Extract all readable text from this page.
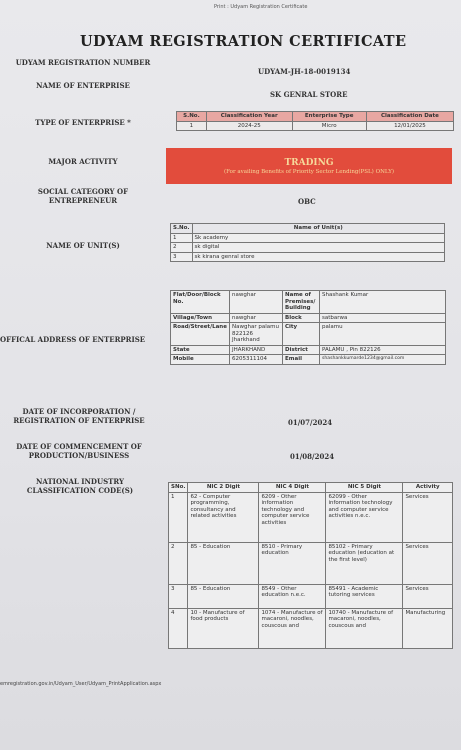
Print : Udyam Registration Certificate
UDYAM REGISTRATION CERTIFICATE
UDYAM REGISTRATION NUMBER
UDYAM-JH-18-0019134
NAME OF ENTERPRISE
SK GENRAL STORE
TYPE OF ENTERPRISE *
S.No.	Classification Year	Enterprise Type	Classification Date
1	2024-25	Micro	12/01/2025
MAJOR ACTIVITY	TRADING
(For availing Benefits of Priority Sector Lending(PSL) ONLY)
SOCIAL CATEGORY OF ENTREPRENEUR	OBC
NAME OF UNIT(S)
S.No.	Name of Unit(s)
1	Sk academy
2	sk digital
3	sk kirana genral store
OFFICAL ADDRESS OF ENTERPRISE
Flat/Door/Block No.	nawghar	Name of Premises/ Building	Shashank Kumar
Village/Town	nawghar	Block	satbarwa
Road/Street/Lane	Nawghar palamu 822126 Jharkhand	City	palamu
State	JHARKHAND	District	PALAMU , Pin 822126
Mobile	6205311104	Email	shashankkumarde1234@gmail.com
DATE OF INCORPORATION / REGISTRATION OF ENTERPRISE	01/07/2024
DATE OF COMMENCEMENT OF PRODUCTION/BUSINESS	01/08/2024
NATIONAL INDUSTRY CLASSIFICATION CODE(S)	SNo.	NIC 2 Digit	NIC 4 Digit	NIC 5 Digit	Activity
1	62 - Computer programming, consultancy and related activities	6209 - Other information technology and computer service activities	62099 - Other information technology and computer service activities n.e.c.	Services
2	85 - Education	8510 - Primary education	85102 - Primary education (education at the first level)	Services
3	85 - Education	8549 - Other education n.e.c.	85491 - Academic tutoring services	Services
4	10 - Manufacture of food products	1074 - Manufacture of macaroni, noodles, couscous and	10740 - Manufacture of macaroni, noodles, couscous and	Manufacturing
emregistration.gov.in/Udyam_User/Udyam_PrintApplication.aspx
